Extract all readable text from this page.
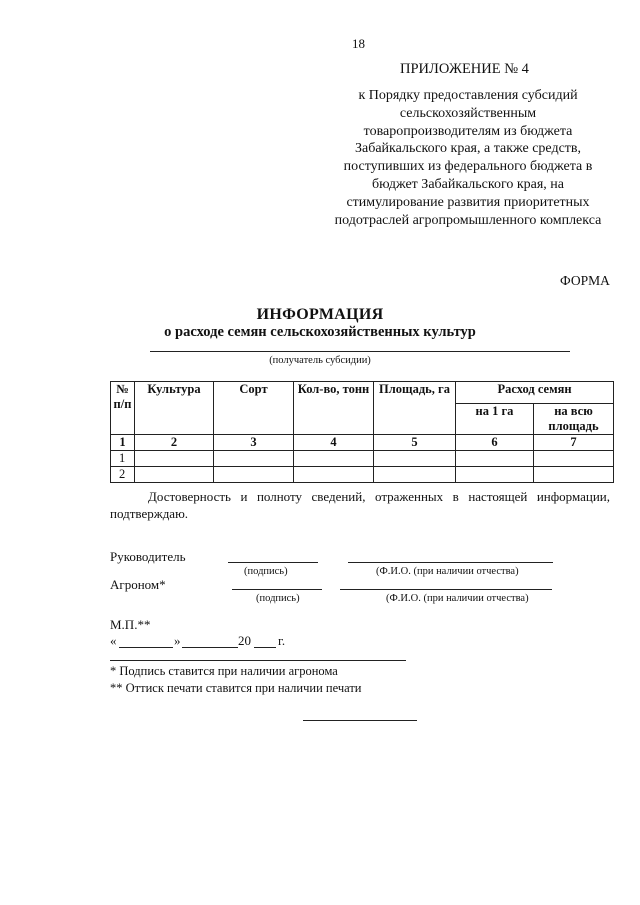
18
ПРИЛОЖЕНИЕ № 4
к Порядку предоставления субсидий
сельскохозяйственным
товаропроизводителям из бюджета
Забайкальского края, а также средств,
поступивших из федерального бюджета в
бюджет Забайкальского края, на
стимулирование развития приоритетных
подотраслей агропромышленного комплекса
ФОРМА
ИНФОРМАЦИЯ
о расходе семян сельскохозяйственных культур
(получатель субсидии)
№ п/п	Культура	Сорт	Кол-во, тонн	Площадь, га	Расход семян	
					на 1 га	на всю площадь
1	2	3	4	5	6	7
1						
2						
Достоверность и полноту сведений, отраженных в настоящей информации, подтверждаю.
Руководитель
(подпись)	(Ф.И.О. (при наличии отчества)
Агроном*
(подпись)	(Ф.И.О. (при наличии отчества)
М.П.**
«	»	20 г.
* Подпись ставится при наличии агронома
** Оттиск печати ставится при наличии печати
